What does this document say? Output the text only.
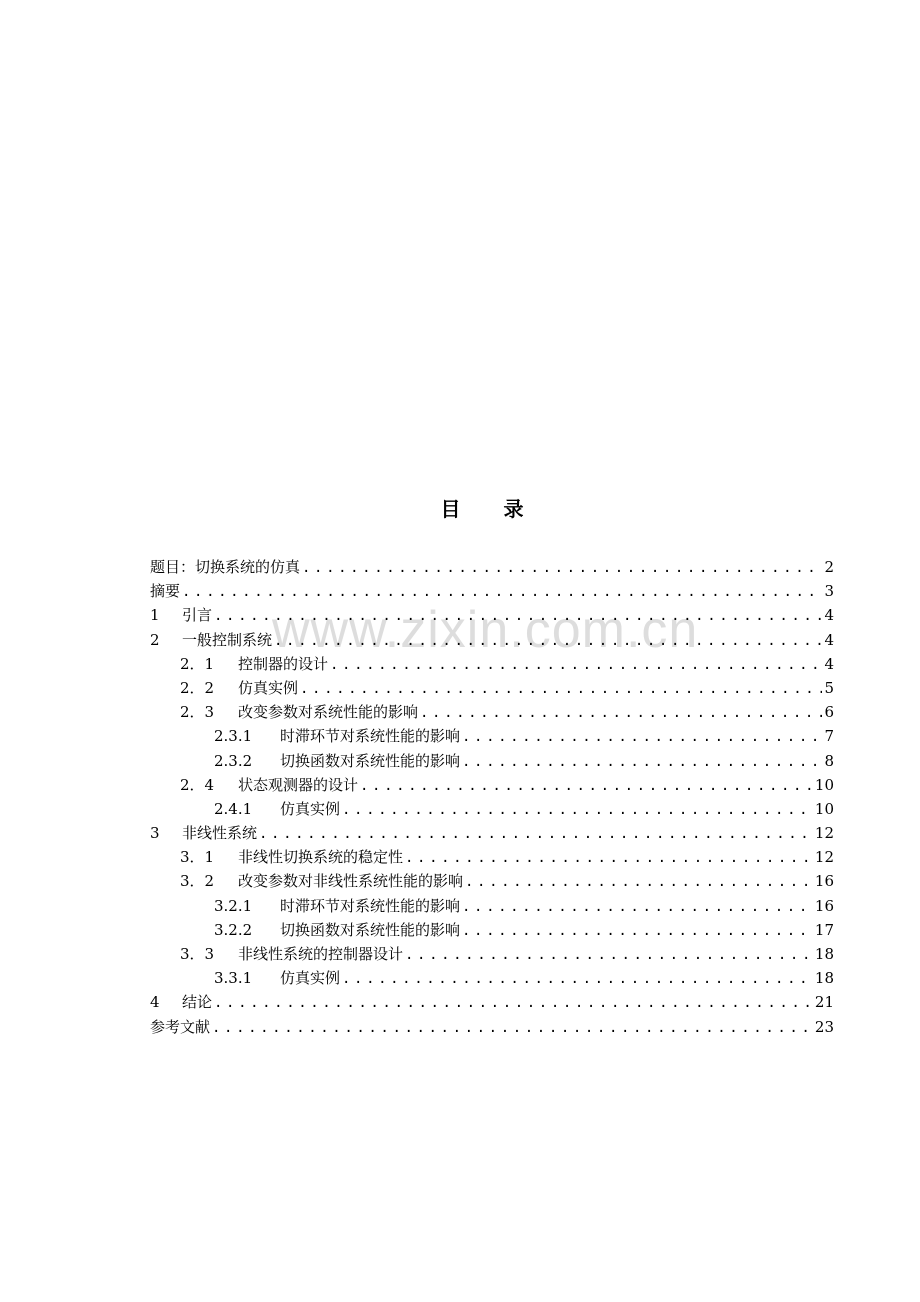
目 录
www.zixin.com.cn
题目：切换系统的仿真 .....	2
摘要 .....	3
1	引言 .....	4
2	一般控制系统 .....	4
2．1	控制器的设计 .....	4
2．2	仿真实例 .....	5
2．3	改变参数对系统性能的影响 .....	6
2.3.1	时滞环节对系统性能的影响 .....	7
2.3.2	切换函数对系统性能的影响 .....	8
2．4	状态观测器的设计 .....	10
2.4.1	仿真实例 .....	10
3	非线性系统 .....	12
3．1	非线性切换系统的稳定性 .....	12
3．2	改变参数对非线性系统性能的影响 .....	16
3.2.1	时滞环节对系统性能的影响 .....	16
3.2.2	切换函数对系统性能的影响 .....	17
3．3	非线性系统的控制器设计 .....	18
3.3.1	仿真实例 .....	18
4	结论 .....	21
参考文献 .....	23
